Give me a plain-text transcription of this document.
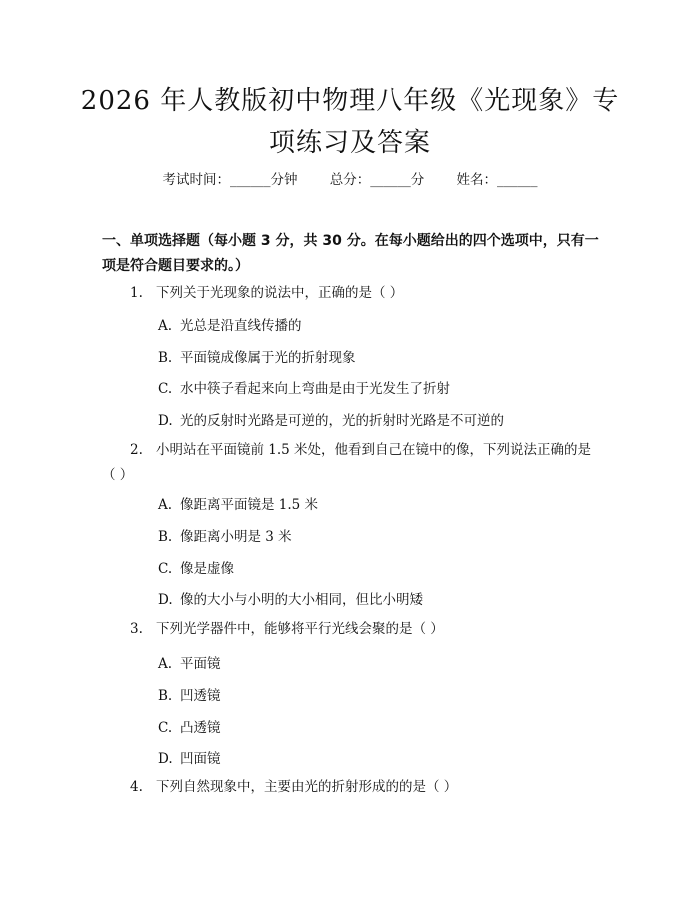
2026 年人教版初中物理八年级《光现象》专
项练习及答案
考试时间：______分钟 总分：______分 姓名：______
一、单项选择题（每小题 3 分，共 30 分。在每小题给出的四个选项中，只有一项是符合题目要求的。）
1. 下列关于光现象的说法中，正确的是（ ）
A. 光总是沿直线传播的
B. 平面镜成像属于光的折射现象
C. 水中筷子看起来向上弯曲是由于光发生了折射
D. 光的反射时光路是可逆的，光的折射时光路是不可逆的
2. 小明站在平面镜前 1.5 米处，他看到自己在镜中的像，下列说法正确的是（ ）
A. 像距离平面镜是 1.5 米
B. 像距离小明是 3 米
C. 像是虚像
D. 像的大小与小明的大小相同，但比小明矮
3. 下列光学器件中，能够将平行光线会聚的是（ ）
A. 平面镜
B. 凹透镜
C. 凸透镜
D. 凹面镜
4. 下列自然现象中，主要由光的折射形成的的是（ ）
